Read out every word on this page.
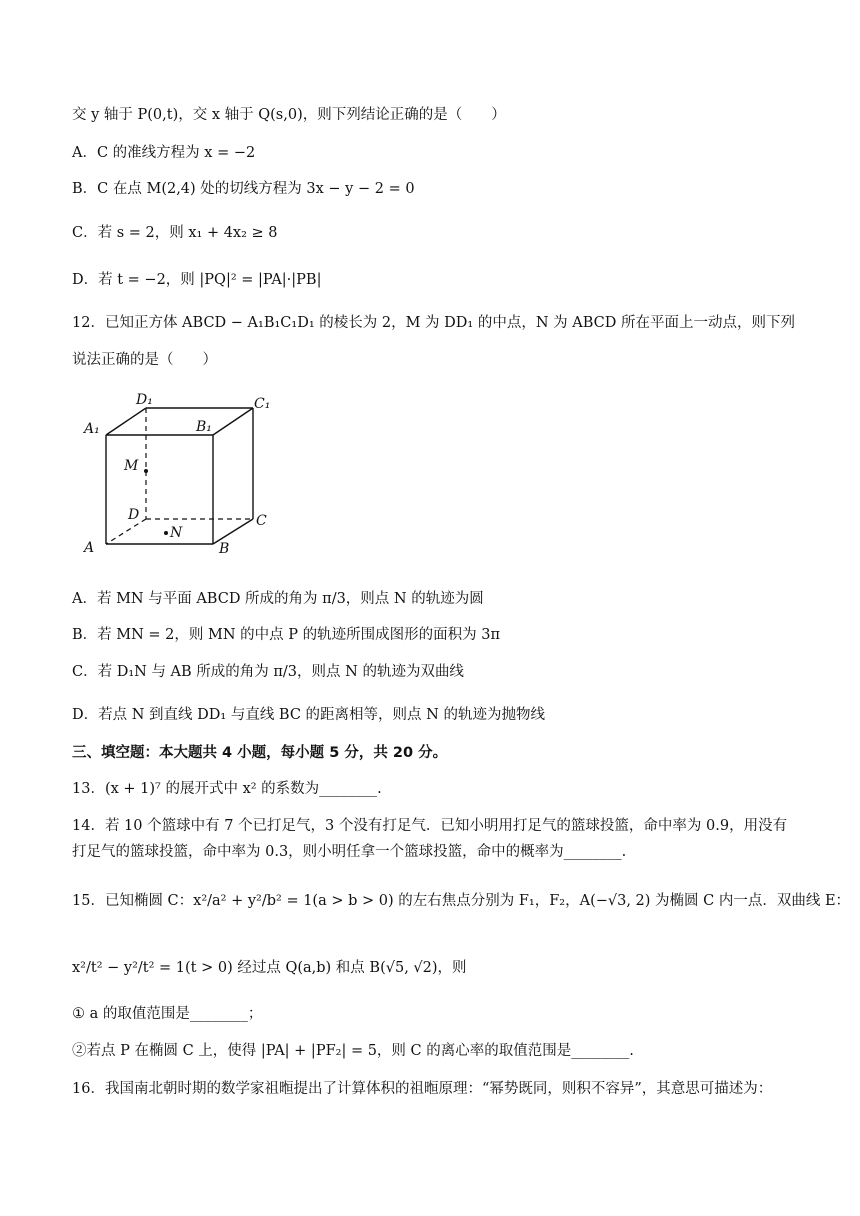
交 y 轴于 P(0,t)，交 x 轴于 Q(s,0)，则下列结论正确的是（　　）
A．C 的准线方程为 x = −2
B．C 在点 M(2,4) 处的切线方程为 3x − y − 2 = 0
C．若 s = 2，则 x₁ + 4x₂ ≥ 8
D．若 t = −2，则 |PQ|² = |PA|·|PB|
12．已知正方体 ABCD − A₁B₁C₁D₁ 的棱长为 2，M 为 DD₁ 的中点，N 为 ABCD 所在平面上一动点，则下列
说法正确的是（　　）
D₁	C₁
A₁	B₁
M
D	C
N
A	B
A．若 MN 与平面 ABCD 所成的角为 π/3，则点 N 的轨迹为圆
B．若 MN = 2，则 MN 的中点 P 的轨迹所围成图形的面积为 3π
C．若 D₁N 与 AB 所成的角为 π/3，则点 N 的轨迹为双曲线
D．若点 N 到直线 DD₁ 与直线 BC 的距离相等，则点 N 的轨迹为抛物线
三、填空题：本大题共 4 小题，每小题 5 分，共 20 分。
13．(x + 1)⁷ 的展开式中 x² 的系数为________.
14．若 10 个篮球中有 7 个已打足气，3 个没有打足气．已知小明用打足气的篮球投篮，命中率为 0.9，用没有
打足气的篮球投篮，命中率为 0.3，则小明任拿一个篮球投篮，命中的概率为________.
15．已知椭圆 C：x²/a² + y²/b² = 1(a > b > 0) 的左右焦点分别为 F₁，F₂，A(−√3, 2) 为椭圆 C 内一点．双曲线 E：
x²/t² − y²/t² = 1(t > 0) 经过点 Q(a,b) 和点 B(√5, √2)，则
① a 的取值范围是________；
②若点 P 在椭圆 C 上，使得 |PA| + |PF₂| = 5，则 C 的离心率的取值范围是________.
16．我国南北朝时期的数学家祖暅提出了计算体积的祖暅原理：“幂势既同，则积不容异”，其意思可描述为：
